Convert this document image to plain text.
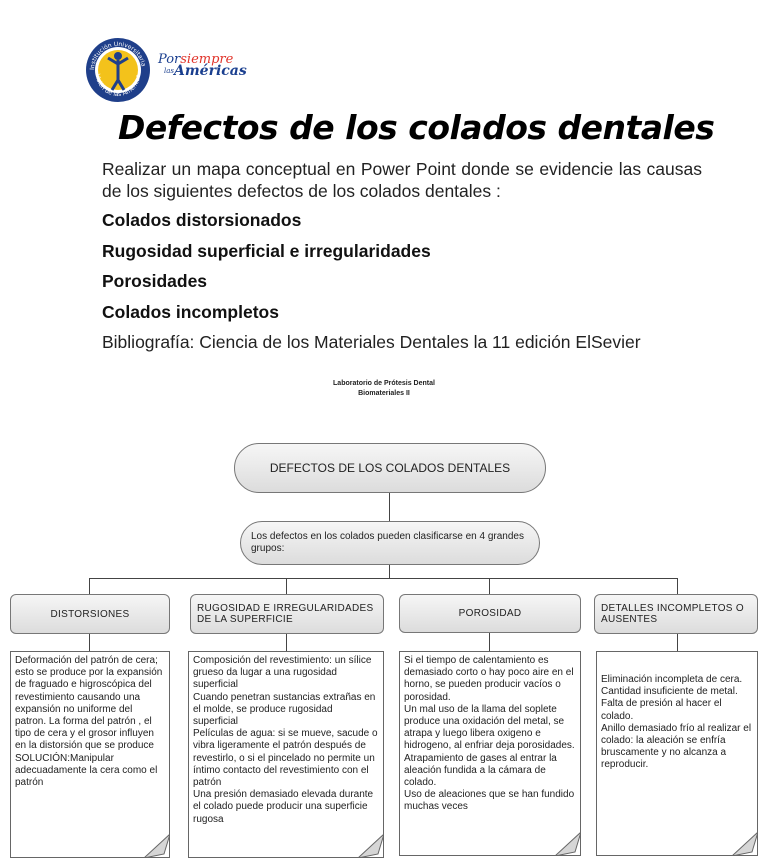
Institución Universitaria
Visión de las Américas
Porsiempre
las Américas
Defectos de los colados dentales
Realizar un mapa conceptual en Power Point donde se evidencie las causas de los siguientes defectos de los colados dentales :
Colados distorsionados
Rugosidad superficial e irregularidades
Porosidades
Colados incompletos
Bibliografía: Ciencia de los Materiales Dentales la 11 edición ElSevier
Laboratorio de Prótesis Dental
Biomateriales II
DEFECTOS DE LOS COLADOS DENTALES
Los defectos en los colados pueden clasificarse en 4 grandes grupos:
DISTORSIONES	RUGOSIDAD E IRREGULARIDADES DE LA SUPERFICIE
POROSIDAD	DETALLES INCOMPLETOS O AUSENTES

Deformación del patrón de cera; esto se produce por la expansión de fraguado e higroscópica del revestimiento causando una expansión no uniforme del patron. La forma del patrón , el tipo de cera y el grosor influyen en la distorsión que se produce

SOLUCIÓN:Manipular adecuadamente la cera como el patrón

Composición del revestimiento: un sílice grueso da lugar a una rugosidad superficial

Cuando penetran sustancias extrañas en el molde, se produce rugosidad superficial

Películas de agua: si se mueve, sacude o vibra ligeramente el patrón después de revestirlo, o si el pincelado no permite un íntimo contacto del revestimiento con el patrón

Una presión demasiado elevada durante el colado puede producir una superficie rugosa

Si el tiempo de calentamiento es demasiado corto o hay poco aire en el horno, se pueden producir vacíos o porosidad.

Un mal uso de la llama del soplete produce una oxidación del metal, se atrapa y luego libera oxigeno e hidrogeno, al enfriar deja porosidades.

Atrapamiento de gases al entrar la aleación fundida a la cámara de colado.

Uso de aleaciones que se han fundido muchas veces

Eliminación incompleta de cera.

Cantidad insuficiente de metal.

Falta de presión al hacer el colado.

Anillo demasiado frío al realizar el colado: la aleación se enfría bruscamente y no alcanza a reproducir.
